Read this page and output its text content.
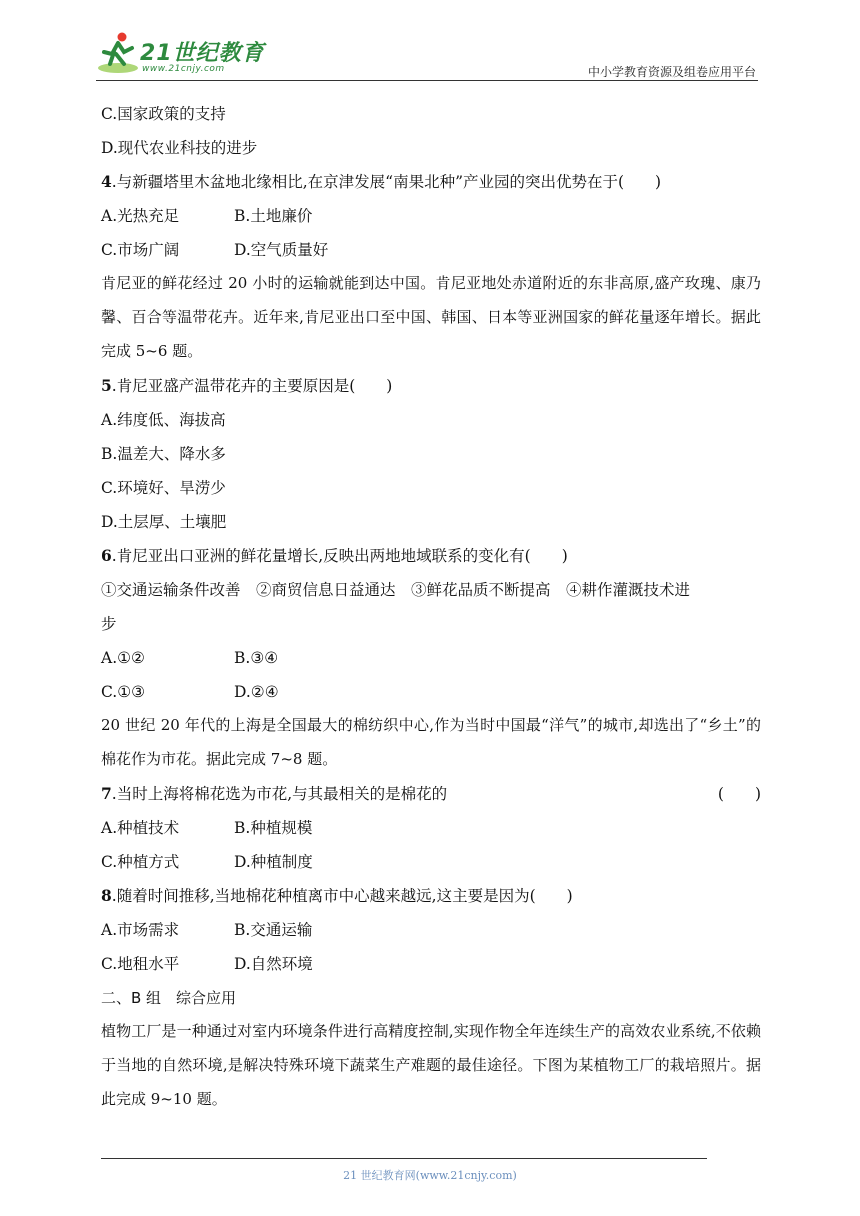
21世纪教育
www.21cnjy.com	中小学教育资源及组卷应用平台
C.国家政策的支持
D.现代农业科技的进步
4.与新疆塔里木盆地北缘相比,在京津发展“南果北种”产业园的突出优势在于(　　)
A.光热充足	B.土地廉价
C.市场广阔	D.空气质量好
肯尼亚的鲜花经过 20 小时的运输就能到达中国。肯尼亚地处赤道附近的东非高原,盛产玫瑰、康乃馨、百合等温带花卉。近年来,肯尼亚出口至中国、韩国、日本等亚洲国家的鲜花量逐年增长。据此完成 5~6 题。
5.肯尼亚盛产温带花卉的主要原因是(　　)
A.纬度低、海拔高
B.温差大、降水多
C.环境好、旱涝少
D.土层厚、土壤肥
6.肯尼亚出口亚洲的鲜花量增长,反映出两地地域联系的变化有(　　)
①交通运输条件改善　②商贸信息日益通达　③鲜花品质不断提高　④耕作灌溉技术进
步
A.①②	B.③④
C.①③	D.②④
20 世纪 20 年代的上海是全国最大的棉纺织中心,作为当时中国最“洋气”的城市,却选出了“乡土”的棉花作为市花。据此完成 7~8 题。
7.当时上海将棉花选为市花,与其最相关的是棉花的	(　　)
A.种植技术	B.种植规模
C.种植方式	D.种植制度
8.随着时间推移,当地棉花种植离市中心越来越远,这主要是因为(　　)
A.市场需求	B.交通运输
C.地租水平	D.自然环境
二、B 组　综合应用
植物工厂是一种通过对室内环境条件进行高精度控制,实现作物全年连续生产的高效农业系统,不依赖于当地的自然环境,是解决特殊环境下蔬菜生产难题的最佳途径。下图为某植物工厂的栽培照片。据此完成 9~10 题。
21 世纪教育网(www.21cnjy.com)
